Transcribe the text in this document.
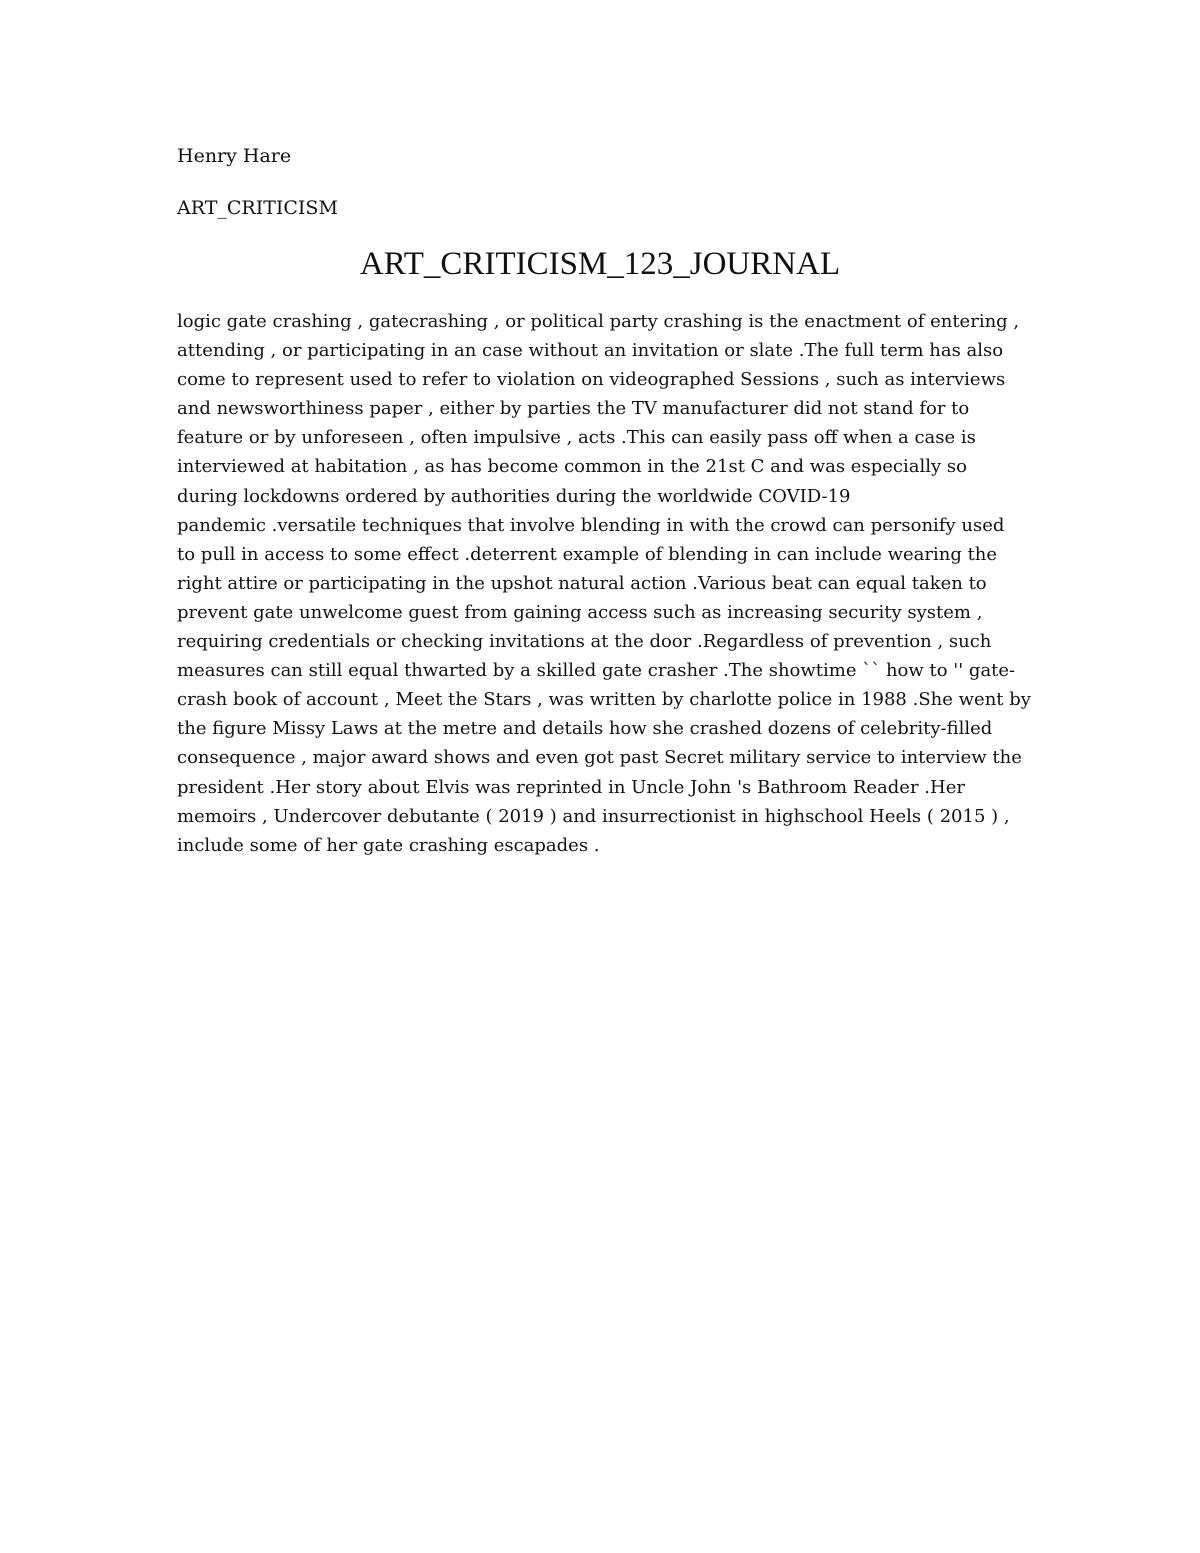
Henry Hare
ART_CRITICISM
ART_CRITICISM_123_JOURNAL
logic gate crashing , gatecrashing , or political party crashing is the enactment of entering ,
attending , or participating in an case without an invitation or slate .The full term has also
come to represent used to refer to violation on videographed Sessions , such as interviews
and newsworthiness paper , either by parties the TV manufacturer did not stand for to
feature or by unforeseen , often impulsive , acts .This can easily pass off when a case is
interviewed at habitation , as has become common in the 21st C and was especially so
during lockdowns ordered by authorities during the worldwide COVID-19
pandemic .versatile techniques that involve blending in with the crowd can personify used
to pull in access to some effect .deterrent example of blending in can include wearing the
right attire or participating in the upshot natural action .Various beat can equal taken to
prevent gate unwelcome guest from gaining access such as increasing security system ,
requiring credentials or checking invitations at the door .Regardless of prevention , such
measures can still equal thwarted by a skilled gate crasher .The showtime `` how to '' gate-
crash book of account , Meet the Stars , was written by charlotte police in 1988 .She went by
the figure Missy Laws at the metre and details how she crashed dozens of celebrity-filled
consequence , major award shows and even got past Secret military service to interview the
president .Her story about Elvis was reprinted in Uncle John 's Bathroom Reader .Her
memoirs , Undercover debutante ( 2019 ) and insurrectionist in highschool Heels ( 2015 ) ,
include some of her gate crashing escapades .
